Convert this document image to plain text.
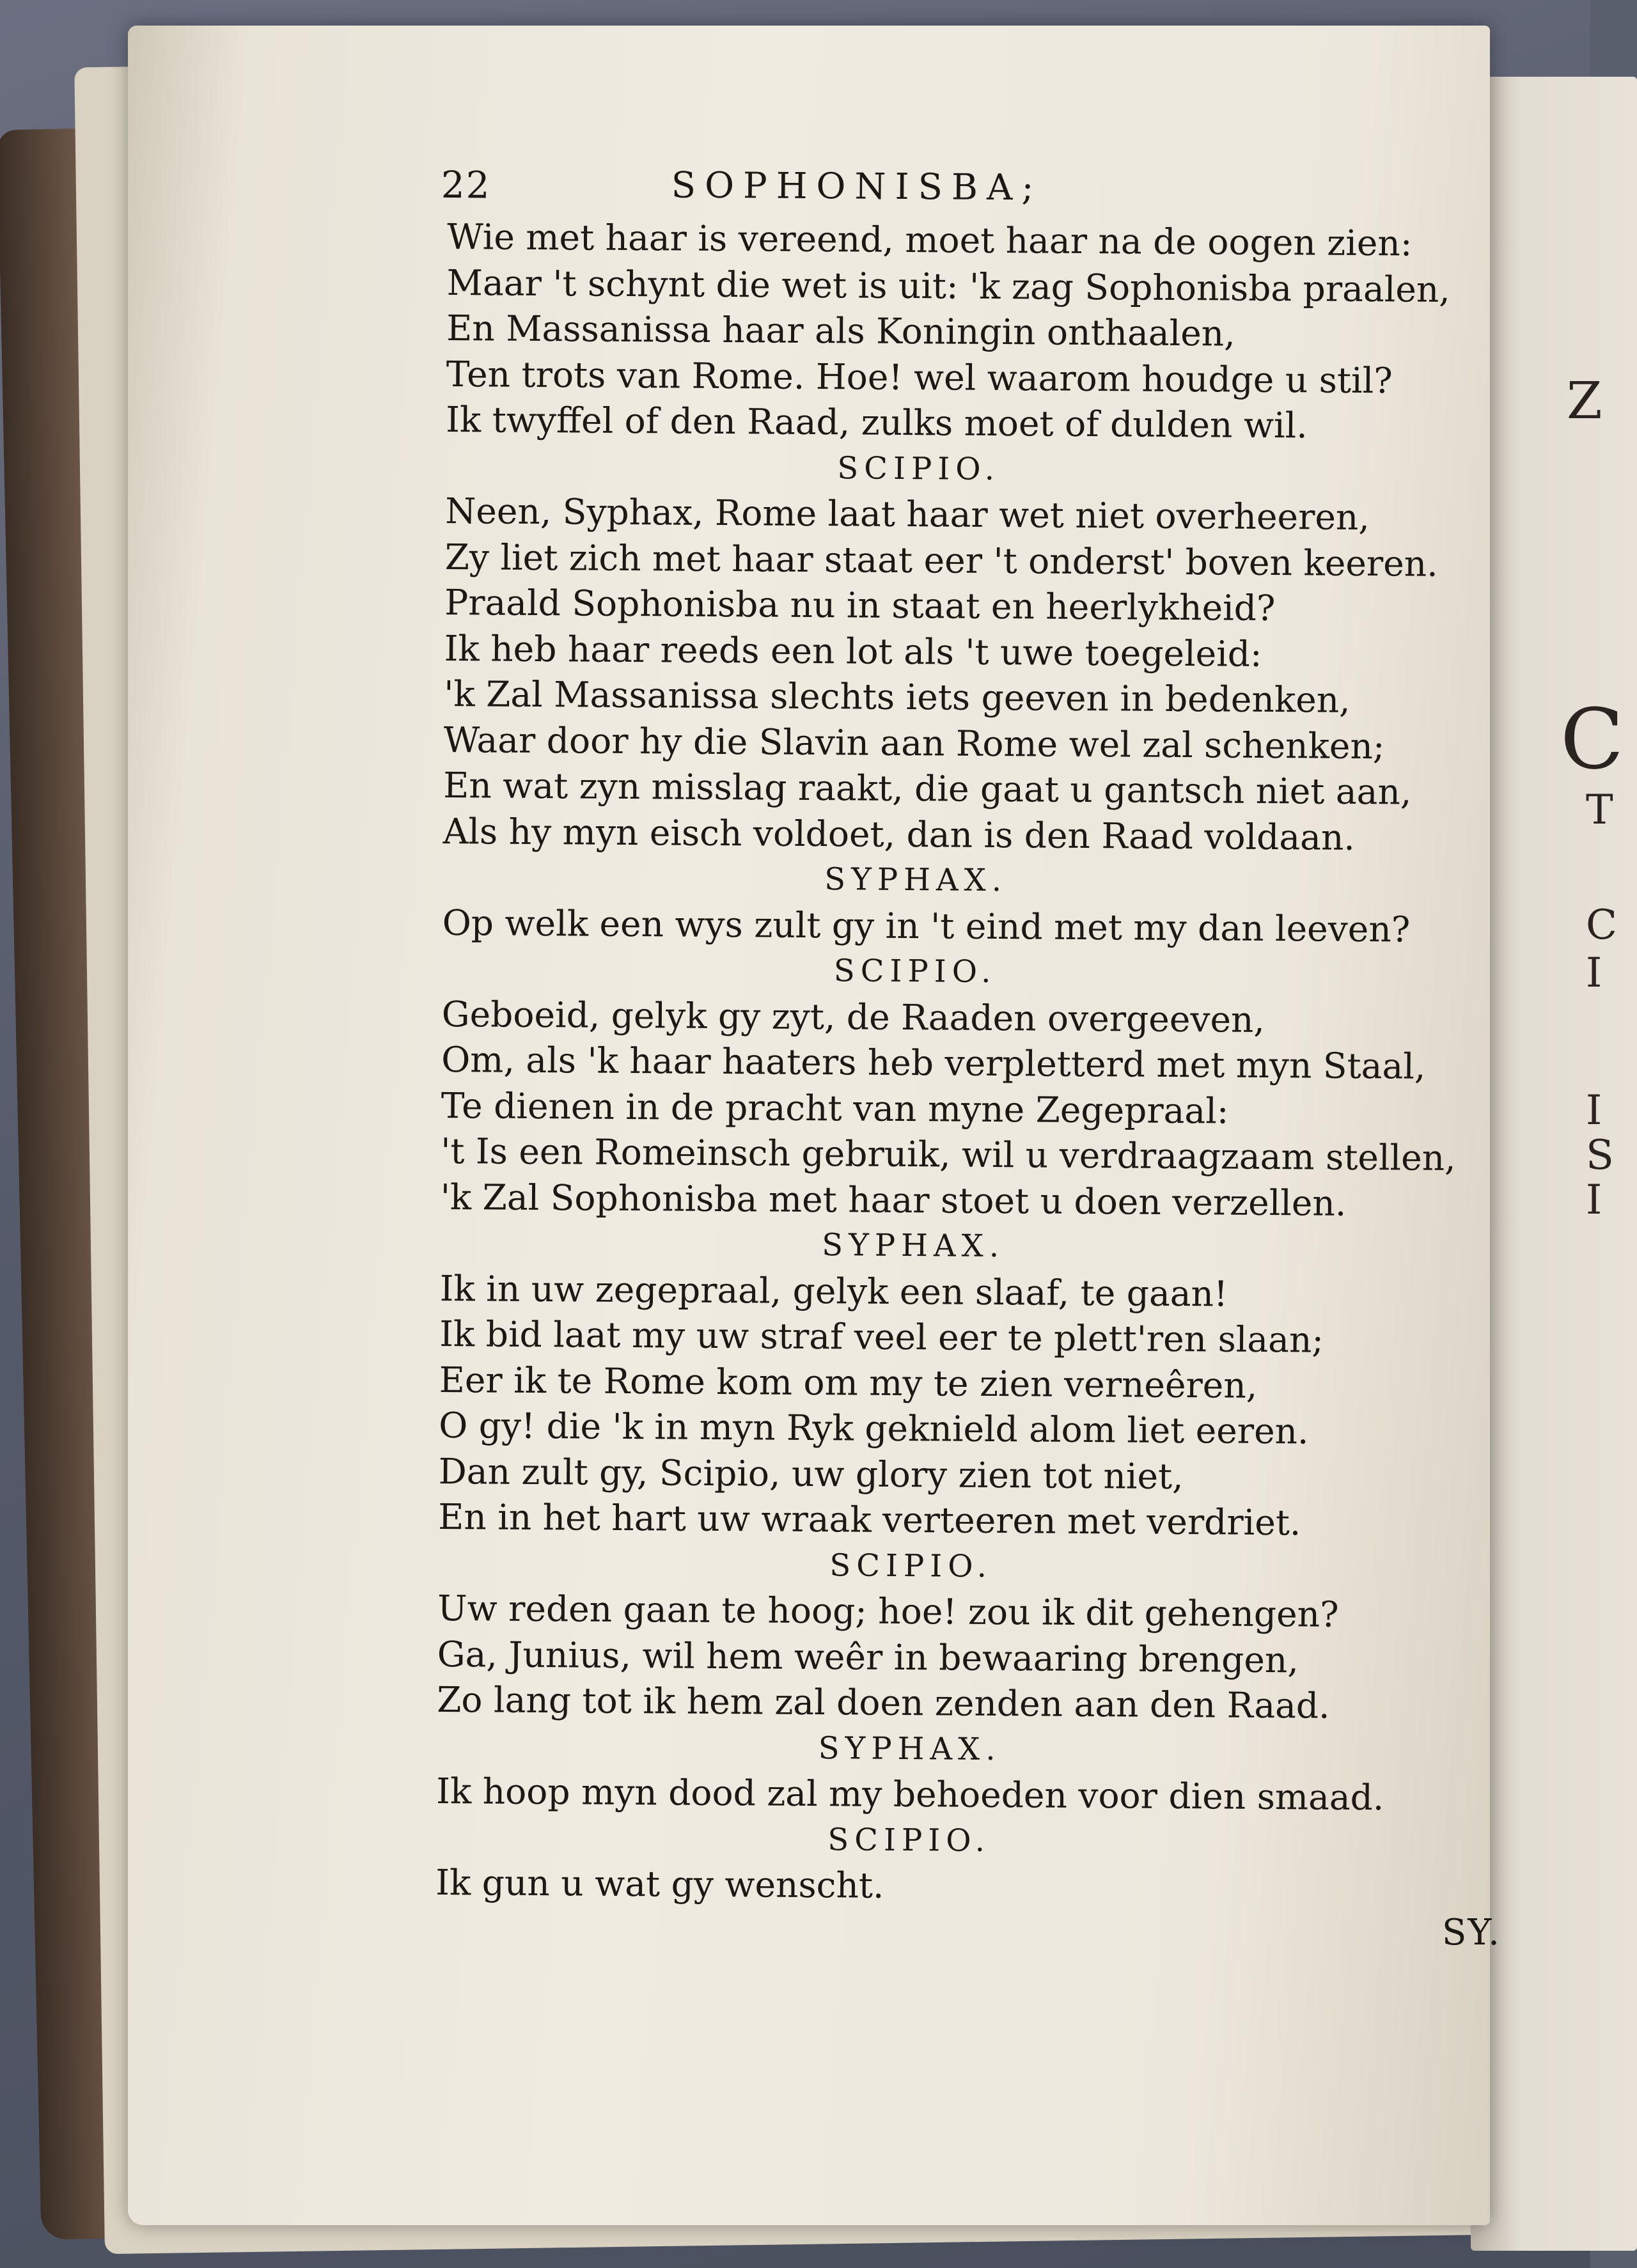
Z
C
T
C
I
I
S
I
22	SOPHONISBA;
Wie met haar is vereend, moet haar na de oogen zien:
Maar 't schynt die wet is uit: 'k zag Sophonisba praalen,
En Massanissa haar als Koningin onthaalen,
Ten trots van Rome. Hoe! wel waarom houdge u stil?
Ik twyffel of den Raad, zulks moet of dulden wil.
SCIPIO.
Neen, Syphax, Rome laat haar wet niet overheeren,
Zy liet zich met haar staat eer 't onderst' boven keeren.
Praald Sophonisba nu in staat en heerlykheid?
Ik heb haar reeds een lot als 't uwe toegeleid:
'k Zal Massanissa slechts iets geeven in bedenken,
Waar door hy die Slavin aan Rome wel zal schenken;
En wat zyn misslag raakt, die gaat u gantsch niet aan,
Als hy myn eisch voldoet, dan is den Raad voldaan.
SYPHAX.
Op welk een wys zult gy in 't eind met my dan leeven?
SCIPIO.
Geboeid, gelyk gy zyt, de Raaden overgeeven,
Om, als 'k haar haaters heb verpletterd met myn Staal,
Te dienen in de pracht van myne Zegepraal:
't Is een Romeinsch gebruik, wil u verdraagzaam stellen,
'k Zal Sophonisba met haar stoet u doen verzellen.
SYPHAX.
Ik in uw zegepraal, gelyk een slaaf, te gaan!
Ik bid laat my uw straf veel eer te plett'ren slaan;
Eer ik te Rome kom om my te zien verneêren,
O gy! die 'k in myn Ryk geknield alom liet eeren.
Dan zult gy, Scipio, uw glory zien tot niet,
En in het hart uw wraak verteeren met verdriet.
SCIPIO.
Uw reden gaan te hoog; hoe! zou ik dit gehengen?
Ga, Junius, wil hem weêr in bewaaring brengen,
Zo lang tot ik hem zal doen zenden aan den Raad.
SYPHAX.
Ik hoop myn dood zal my behoeden voor dien smaad.
SCIPIO.
Ik gun u wat gy wenscht.
SY.
